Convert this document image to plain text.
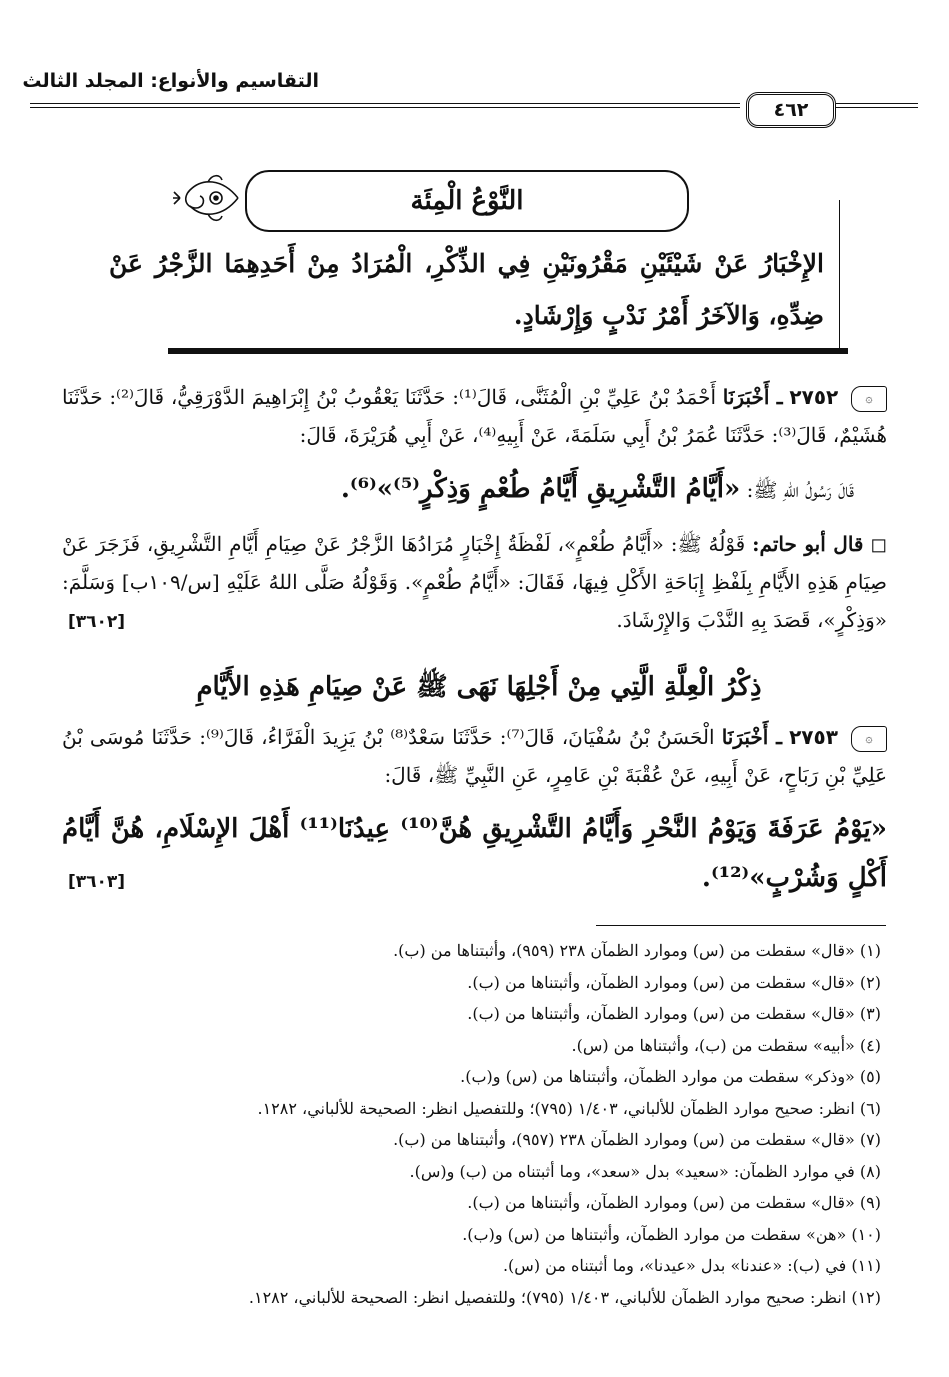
التقاسيم والأنواع: المجلد الثالث
٤٦٢
النَّوْعُ الْمِئَة
الإِخْبَارُ عَنْ شَيْئَيْنِ مَقْرُونَيْنِ فِي الذِّكْرِ، الْمُرَادُ مِنْ أَحَدِهِمَا الزَّجْرُ عَنْ ضِدِّهِ، وَالآخَرُ أَمْرُ نَدْبٍ وَإِرْشَادٍ.
۞ ٢٧٥٢ ـ أَخْبَرَنَا أَحْمَدُ بْنُ عَلِيِّ بْنِ الْمُثَنَّى، قَالَ⁽¹⁾: حَدَّثَنَا يَعْقُوبُ بْنُ إِبْرَاهِيمَ الدَّوْرَقِيُّ، قَالَ⁽²⁾: حَدَّثَنَا هُشَيْمٌ، قَالَ⁽³⁾: حَدَّثَنَا عُمَرُ بْنُ أَبِي سَلَمَةَ، عَنْ أَبِيهِ⁽⁴⁾، عَنْ أَبِي هُرَيْرَةَ، قَالَ:
قَالَ رَسُولُ اللهِ ﷺ: «أَيَّامُ التَّشْرِيقِ أَيَّامُ طُعْمٍ وَذِكْرٍ⁽⁵⁾»⁽⁶⁾.
◻ قال أبو حاتم: قَوْلُهُ ﷺ: «أَيَّامُ طُعْمٍ»، لَفْظَةُ إِخْبَارٍ مُرَادُهَا الزَّجْرُ عَنْ صِيَامِ أَيَّامِ التَّشْرِيقِ، فَزَجَرَ عَنْ صِيَامِ هَذِهِ الأَيَّامِ بِلَفْظِ إِبَاحَةِ الأَكْلِ فِيهَا، فَقَالَ: «أَيَّامُ طُعْمٍ». وَقَوْلُهُ صَلَّى اللهُ عَلَيْهِ [س/١٠٩ب] وَسَلَّمَ: «وَذِكْرٍ»، قَصَدَ بِهِ النَّدْبَ وَالإِرْشَادَ.
[٣٦٠٢]
ذِكْرُ الْعِلَّةِ الَّتِي مِنْ أَجْلِهَا نَهَى ﷺ عَنْ صِيَامِ هَذِهِ الأَيَّامِ
۞ ٢٧٥٣ ـ أَخْبَرَنَا الْحَسَنُ بْنُ سُفْيَانَ، قَالَ⁽⁷⁾: حَدَّثَنَا سَعْدٌ⁽⁸⁾ بْنُ يَزِيدَ الْفَرَّاءُ، قَالَ⁽⁹⁾: حَدَّثَنَا مُوسَى بْنُ عَلِيِّ بْنِ رَبَاحٍ، عَنْ أَبِيهِ، عَنْ عُقْبَةَ بْنِ عَامِرٍ، عَنِ النَّبِيِّ ﷺ، قَالَ:
«يَوْمُ عَرَفَةَ وَيَوْمُ النَّحْرِ وَأَيَّامُ التَّشْرِيقِ هُنَّ⁽¹⁰⁾ عِيدُنَا⁽¹¹⁾ أَهْلَ الإِسْلَامِ، هُنَّ أَيَّامُ أَكْلٍ وَشُرْبٍ»⁽¹²⁾.
[٣٦٠٣]
(١) «قال» سقطت من (س) وموارد الظمآن ٢٣٨ (٩٥٩)، وأثبتناها من (ب).
(٢) «قال» سقطت من (س) وموارد الظمآن، وأثبتناها من (ب).
(٣) «قال» سقطت من (س) وموارد الظمآن، وأثبتناها من (ب).
(٤) «أبيه» سقطت من (ب)، وأثبتناها من (س).
(٥) «وذكر» سقطت من موارد الظمآن، وأثبتناها من (س) و(ب).
(٦) انظر: صحيح موارد الظمآن للألباني، ١/٤٠٣ (٧٩٥)؛ وللتفصيل انظر: الصحيحة للألباني، ١٢٨٢.
(٧) «قال» سقطت من (س) وموارد الظمآن ٢٣٨ (٩٥٧)، وأثبتناها من (ب).
(٨) في موارد الظمآن: «سعيد» بدل «سعد»، وما أثبتناه من (ب) و(س).
(٩) «قال» سقطت من (س) وموارد الظمآن، وأثبتناها من (ب).
(١٠) «هن» سقطت من موارد الظمآن، وأثبتناها من (س) و(ب).
(١١) في (ب): «عندنا» بدل «عيدنا»، وما أثبتناه من (س).
(١٢) انظر: صحيح موارد الظمآن للألباني، ١/٤٠٣ (٧٩٥)؛ وللتفصيل انظر: الصحيحة للألباني، ١٢٨٢.
